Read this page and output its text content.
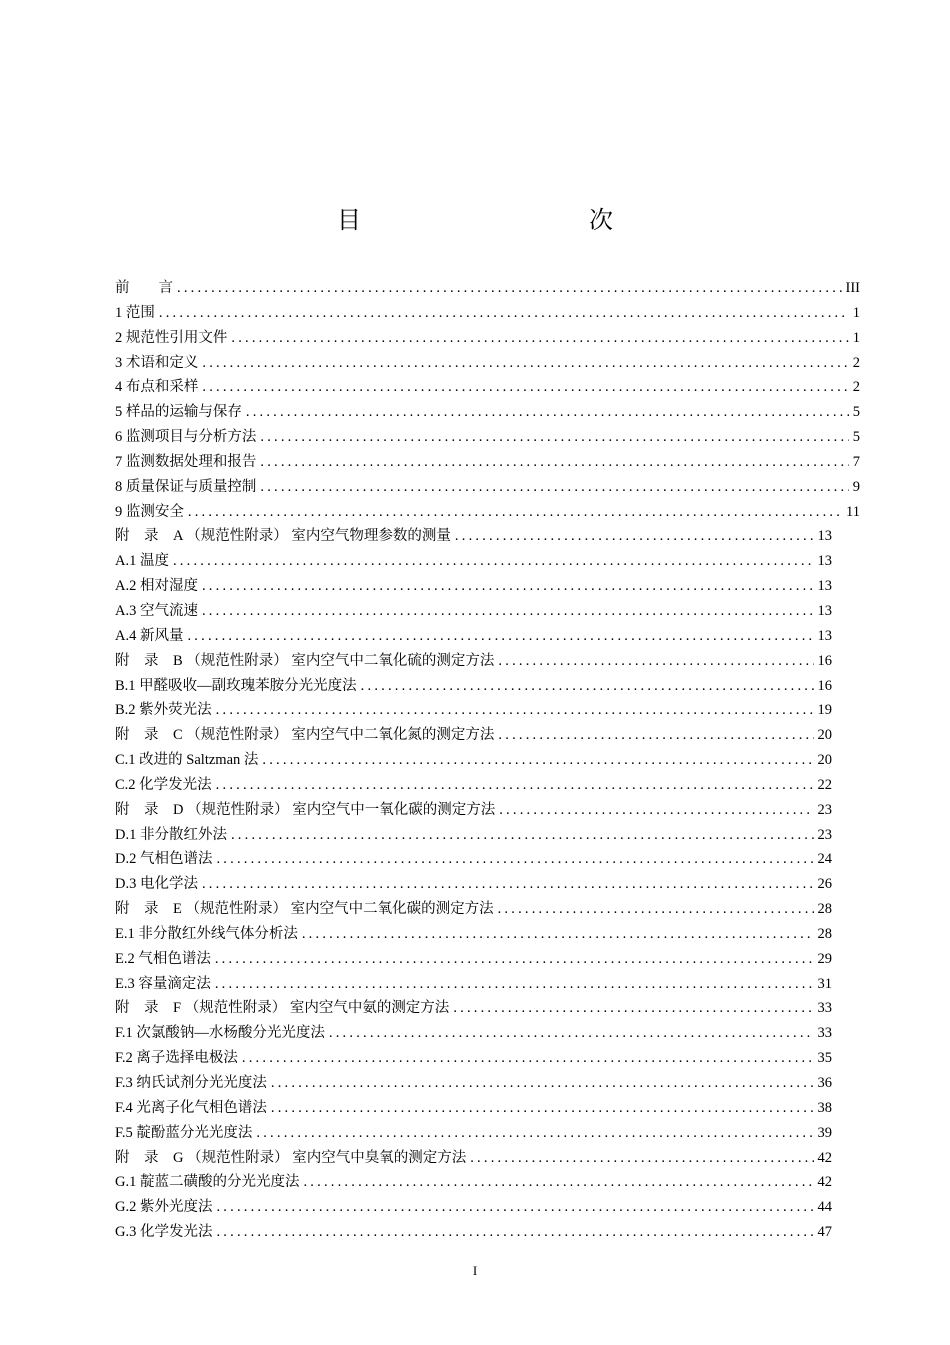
目　　次
前　　言 .....	III
1 范围 .....	1
2 规范性引用文件 .....	1
3 术语和定义 .....	2
4 布点和采样 .....	2
5 样品的运输与保存 .....	5
6 监测项目与分析方法 .....	5
7 监测数据处理和报告 .....	7
8 质量保证与质量控制 .....	9
9 监测安全 .....	11
附　录　A （规范性附录） 室内空气物理参数的测量 .....	13
A.1 温度 .....	13
A.2 相对湿度 .....	13
A.3 空气流速 .....	13
A.4 新风量 .....	13
附　录　B （规范性附录） 室内空气中二氧化硫的测定方法 .....	16
B.1 甲醛吸收—副玫瑰苯胺分光光度法 .....	16
B.2 紫外荧光法 .....	19
附　录　C （规范性附录） 室内空气中二氧化氮的测定方法 .....	20
C.1 改进的 Saltzman 法 .....	20
C.2 化学发光法 .....	22
附　录　D （规范性附录） 室内空气中一氧化碳的测定方法 .....	23
D.1 非分散红外法 .....	23
D.2 气相色谱法 .....	24
D.3 电化学法 .....	26
附　录　E （规范性附录） 室内空气中二氧化碳的测定方法 .....	28
E.1 非分散红外线气体分析法 .....	28
E.2 气相色谱法 .....	29
E.3 容量滴定法 .....	31
附　录　F （规范性附录） 室内空气中氨的测定方法 .....	33
F.1 次氯酸钠—水杨酸分光光度法 .....	33
F.2 离子选择电极法 .....	35
F.3 纳氏试剂分光光度法 .....	36
F.4 光离子化气相色谱法 .....	38
F.5 靛酚蓝分光光度法 .....	39
附　录　G （规范性附录） 室内空气中臭氧的测定方法 .....	42
G.1 靛蓝二磺酸的分光光度法 .....	42
G.2 紫外光度法 .....	44
G.3 化学发光法 .....	47
I
